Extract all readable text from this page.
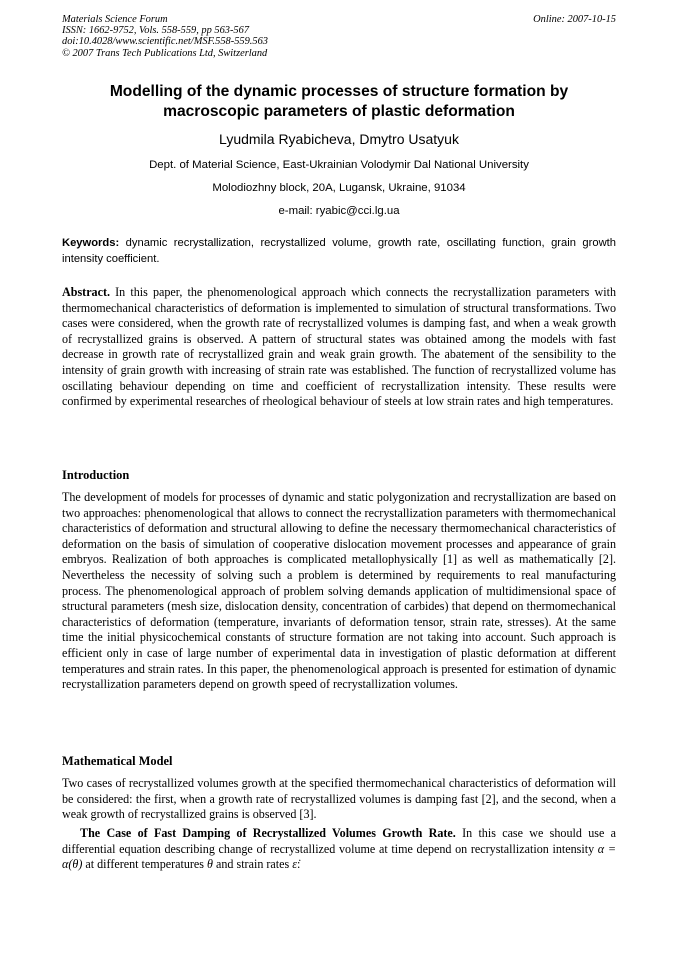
Materials Science Forum
ISSN: 1662-9752, Vols. 558-559, pp 563-567
doi:10.4028/www.scientific.net/MSF.558-559.563
© 2007 Trans Tech Publications Ltd, Switzerland
Online: 2007-10-15
Modelling of the dynamic processes of structure formation by macroscopic parameters of plastic deformation
Lyudmila Ryabicheva, Dmytro Usatyuk
Dept. of Material Science, East-Ukrainian Volodymir Dal National University
Molodiozhny block, 20A, Lugansk, Ukraine, 91034
e-mail: ryabic@cci.lg.ua
Keywords: dynamic recrystallization, recrystallized volume, growth rate, oscillating function, grain growth intensity coefficient.
Abstract. In this paper, the phenomenological approach which connects the recrystallization parameters with thermomechanical characteristics of deformation is implemented to simulation of structural transformations. Two cases were considered, when the growth rate of recrystallized volumes is damping fast, and when a weak growth of recrystallized grains is observed. A pattern of structural states was obtained among the models with fast decrease in growth rate of recrystallized grain and weak grain growth. The abatement of the sensibility to the intensity of grain growth with increasing of strain rate was established. The function of recrystallized volume has oscillating behaviour depending on time and coefficient of recrystallization intensity. These results were confirmed by experimental researches of rheological behaviour of steels at low strain rates and high temperatures.
Introduction
The development of models for processes of dynamic and static polygonization and recrystallization are based on two approaches: phenomenological that allows to connect the recrystallization parameters with thermomechanical characteristics of deformation and structural allowing to define the necessary thermomechanical characteristics of deformation on the basis of simulation of cooperative dislocation movement processes and appearance of grain embryos. Realization of both approaches is complicated metallophysically [1] as well as mathematically [2]. Nevertheless the necessity of solving such a problem is determined by requirements to real manufacturing process. The phenomenological approach of problem solving demands application of multidimensional space of structural parameters (mesh size, dislocation density, concentration of carbides) that depend on thermomechanical characteristics of deformation (temperature, invariants of deformation tensor, strain rate, stresses). At the same time the initial physicochemical constants of structure formation are not taking into account. Such approach is efficient only in case of large number of experimental data in investigation of plastic deformation at different temperatures and strain rates. In this paper, the phenomenological approach is presented for estimation of dynamic recrystallization parameters depend on growth speed of recrystallization volumes.
Mathematical Model
Two cases of recrystallized volumes growth at the specified thermomechanical characteristics of deformation will be considered: the first, when a growth rate of recrystallized volumes is damping fast [2], and the second, when a weak growth of recrystallized grains is observed [3].
The Case of Fast Damping of Recrystallized Volumes Growth Rate. In this case we should use a differential equation describing change of recrystallized volume at time depend on recrystallization intensity α = α(θ) at different temperatures θ and strain rates ε̇:
